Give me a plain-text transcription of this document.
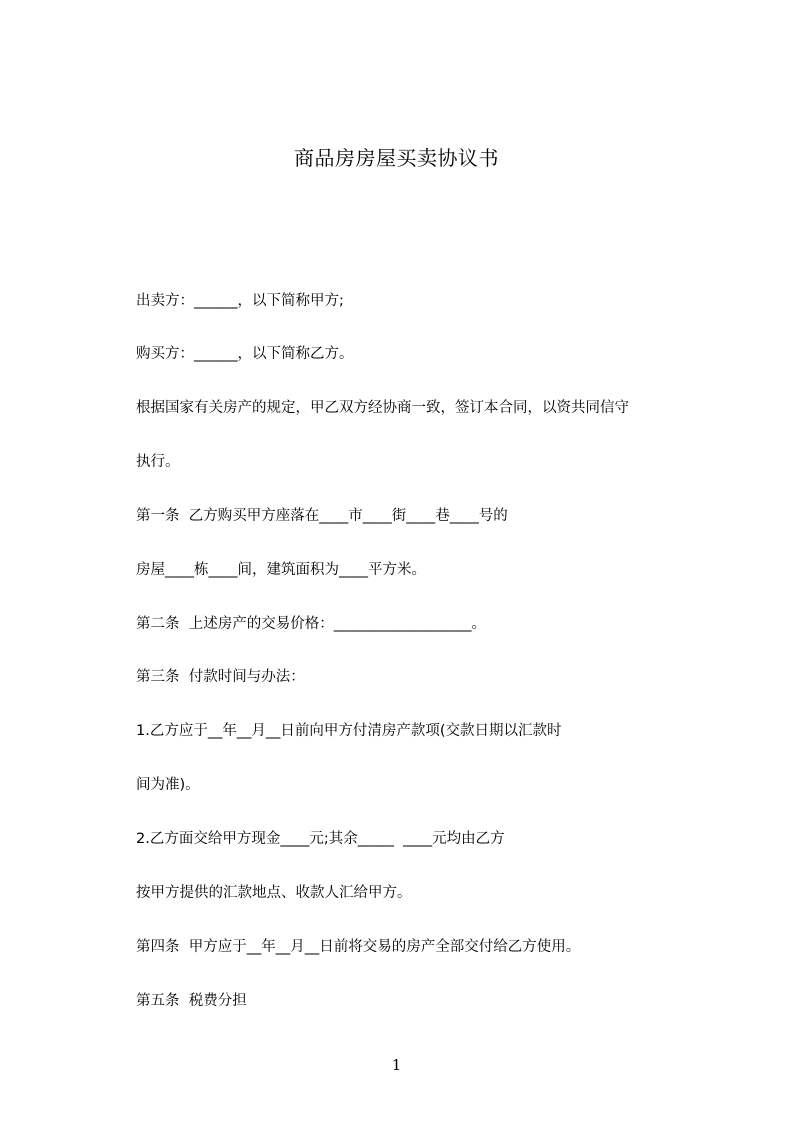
商品房房屋买卖协议书
出卖方：______，以下简称甲方;
购买方：______，以下简称乙方。
根据国家有关房产的规定，甲乙双方经协商一致，签订本合同，以资共同信守
执行。
第一条  乙方购买甲方座落在____市____街____巷____号的
房屋____栋____间，建筑面积为____平方米。
第二条  上述房产的交易价格：___________________。
第三条  付款时间与办法：
1.乙方应于__年__月__日前向甲方付清房产款项(交款日期以汇款时
间为准)。
2.乙方面交给甲方现金____元;其余_____  ____元均由乙方
按甲方提供的汇款地点、收款人汇给甲方。
第四条  甲方应于__年__月__日前将交易的房产全部交付给乙方使用。
第五条  税费分担
1
